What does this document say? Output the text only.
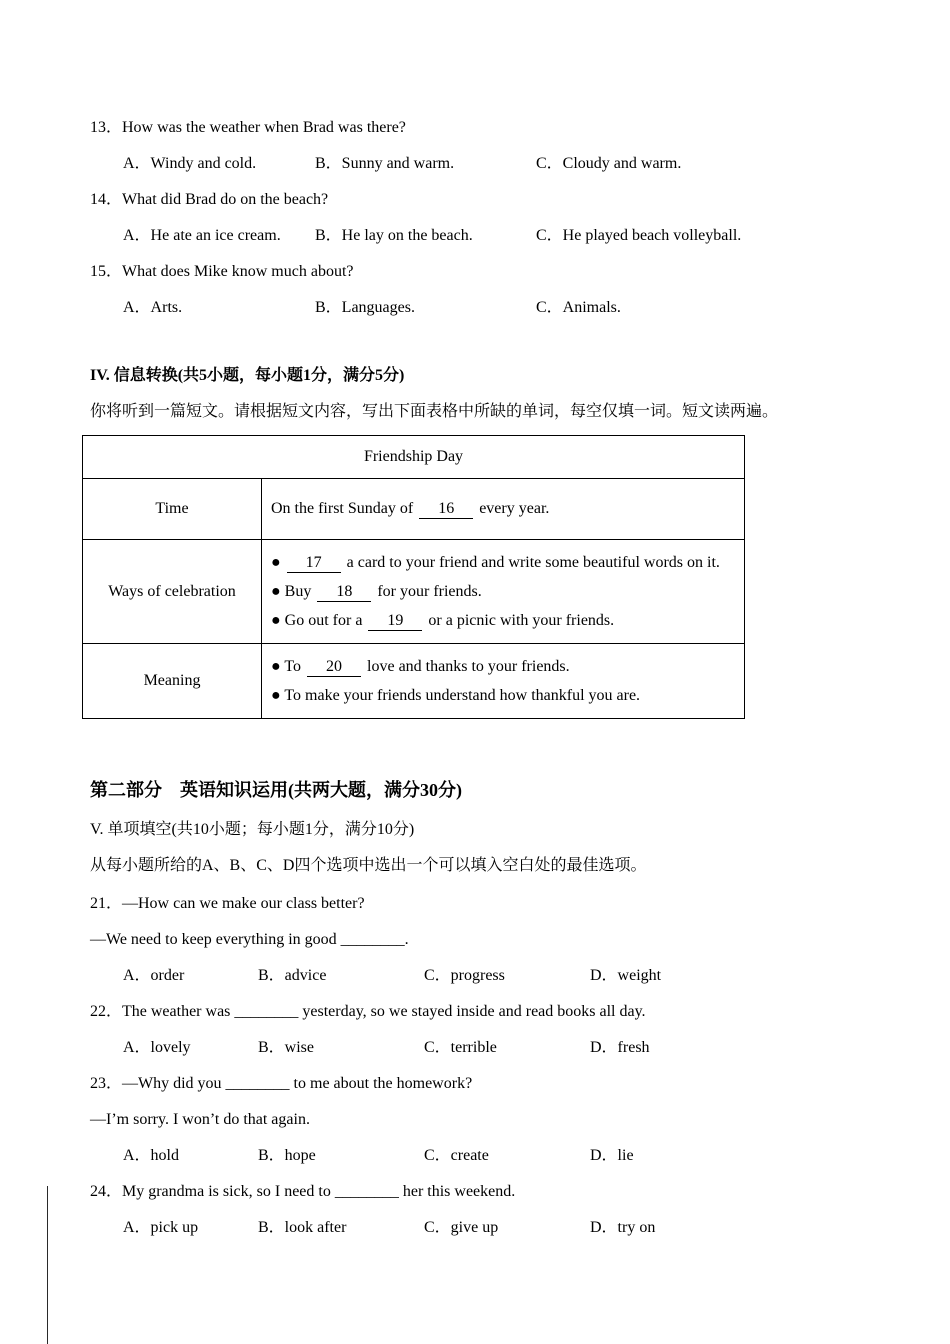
13．How was the weather when Brad was there?
A．Windy and cold.	B．Sunny and warm.	C．Cloudy and warm.
14．What did Brad do on the beach?
A．He ate an ice cream.	B．He lay on the beach.	C．He played beach volleyball.
15．What does Mike know much about?
A．Arts.	B．Languages.	C．Animals.
IV. 信息转换(共5小题，每小题1分，满分5分)
你将听到一篇短文。请根据短文内容，写出下面表格中所缺的单词，每空仅填一词。短文读两遍。
Friendship Day	
Time	On the first Sunday of 16 every year.
Ways of celebration	● 17 a card to your friend and write some beautiful words on it.
● Buy 18 for your friends.
● Go out for a 19 or a picnic with your friends.

Meaning	● To 20 love and thanks to your friends.
● To make your friends understand how thankful you are.
第二部分　英语知识运用(共两大题，满分30分)
V. 单项填空(共10小题；每小题1分，满分10分)
从每小题所给的A、B、C、D四个选项中选出一个可以填入空白处的最佳选项。
21．—How can we make our class better?
—We need to keep everything in good ________.
A．order	B．advice	C．progress	D．weight
22．The weather was ________ yesterday, so we stayed inside and read books all day.
A．lovely	B．wise	C．terrible	D．fresh
23．—Why did you ________ to me about the homework?
—I’m sorry. I won’t do that again.
A．hold	B．hope	C．create	D．lie
24．My grandma is sick, so I need to ________ her this weekend.
A．pick up	B．look after	C．give up	D．try on
